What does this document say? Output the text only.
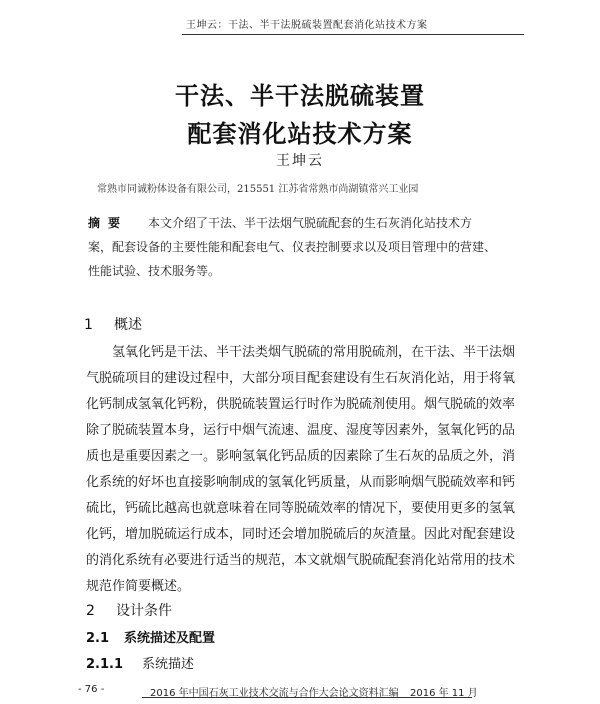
王坤云：干法、半干法脱硫装置配套消化站技术方案
干法、半干法脱硫装置
配套消化站技术方案
王坤云
常熟市同诚粉体设备有限公司，215551 江苏省常熟市尚湖镇常兴工业园
摘要 本文介绍了干法、半干法烟气脱硫配套的生石灰消化站技术方
案，配套设备的主要性能和配套电气、仪表控制要求以及项目管理中的营建、
性能试验、技术服务等。
1 概述
氢氧化钙是干法、半干法类烟气脱硫的常用脱硫剂，在干法、半干法烟
气脱硫项目的建设过程中，大部分项目配套建设有生石灰消化站，用于将氧
化钙制成氢氧化钙粉，供脱硫装置运行时作为脱硫剂使用。烟气脱硫的效率
除了脱硫装置本身，运行中烟气流速、温度、湿度等因素外，氢氧化钙的品
质也是重要因素之一。影响氢氧化钙品质的因素除了生石灰的品质之外，消
化系统的好坏也直接影响制成的氢氧化钙质量，从而影响烟气脱硫效率和钙
硫比，钙硫比越高也就意味着在同等脱硫效率的情况下，要使用更多的氢氧
化钙，增加脱硫运行成本，同时还会增加脱硫后的灰渣量。因此对配套建设
的消化系统有必要进行适当的规范，本文就烟气脱硫配套消化站常用的技术
规范作简要概述。
2 设计条件
2.1 系统描述及配置
2.1.1 系统描述
- 76 -	2016 年中国石灰工业技术交流与合作大会论文资料汇编 2016 年 11 月
